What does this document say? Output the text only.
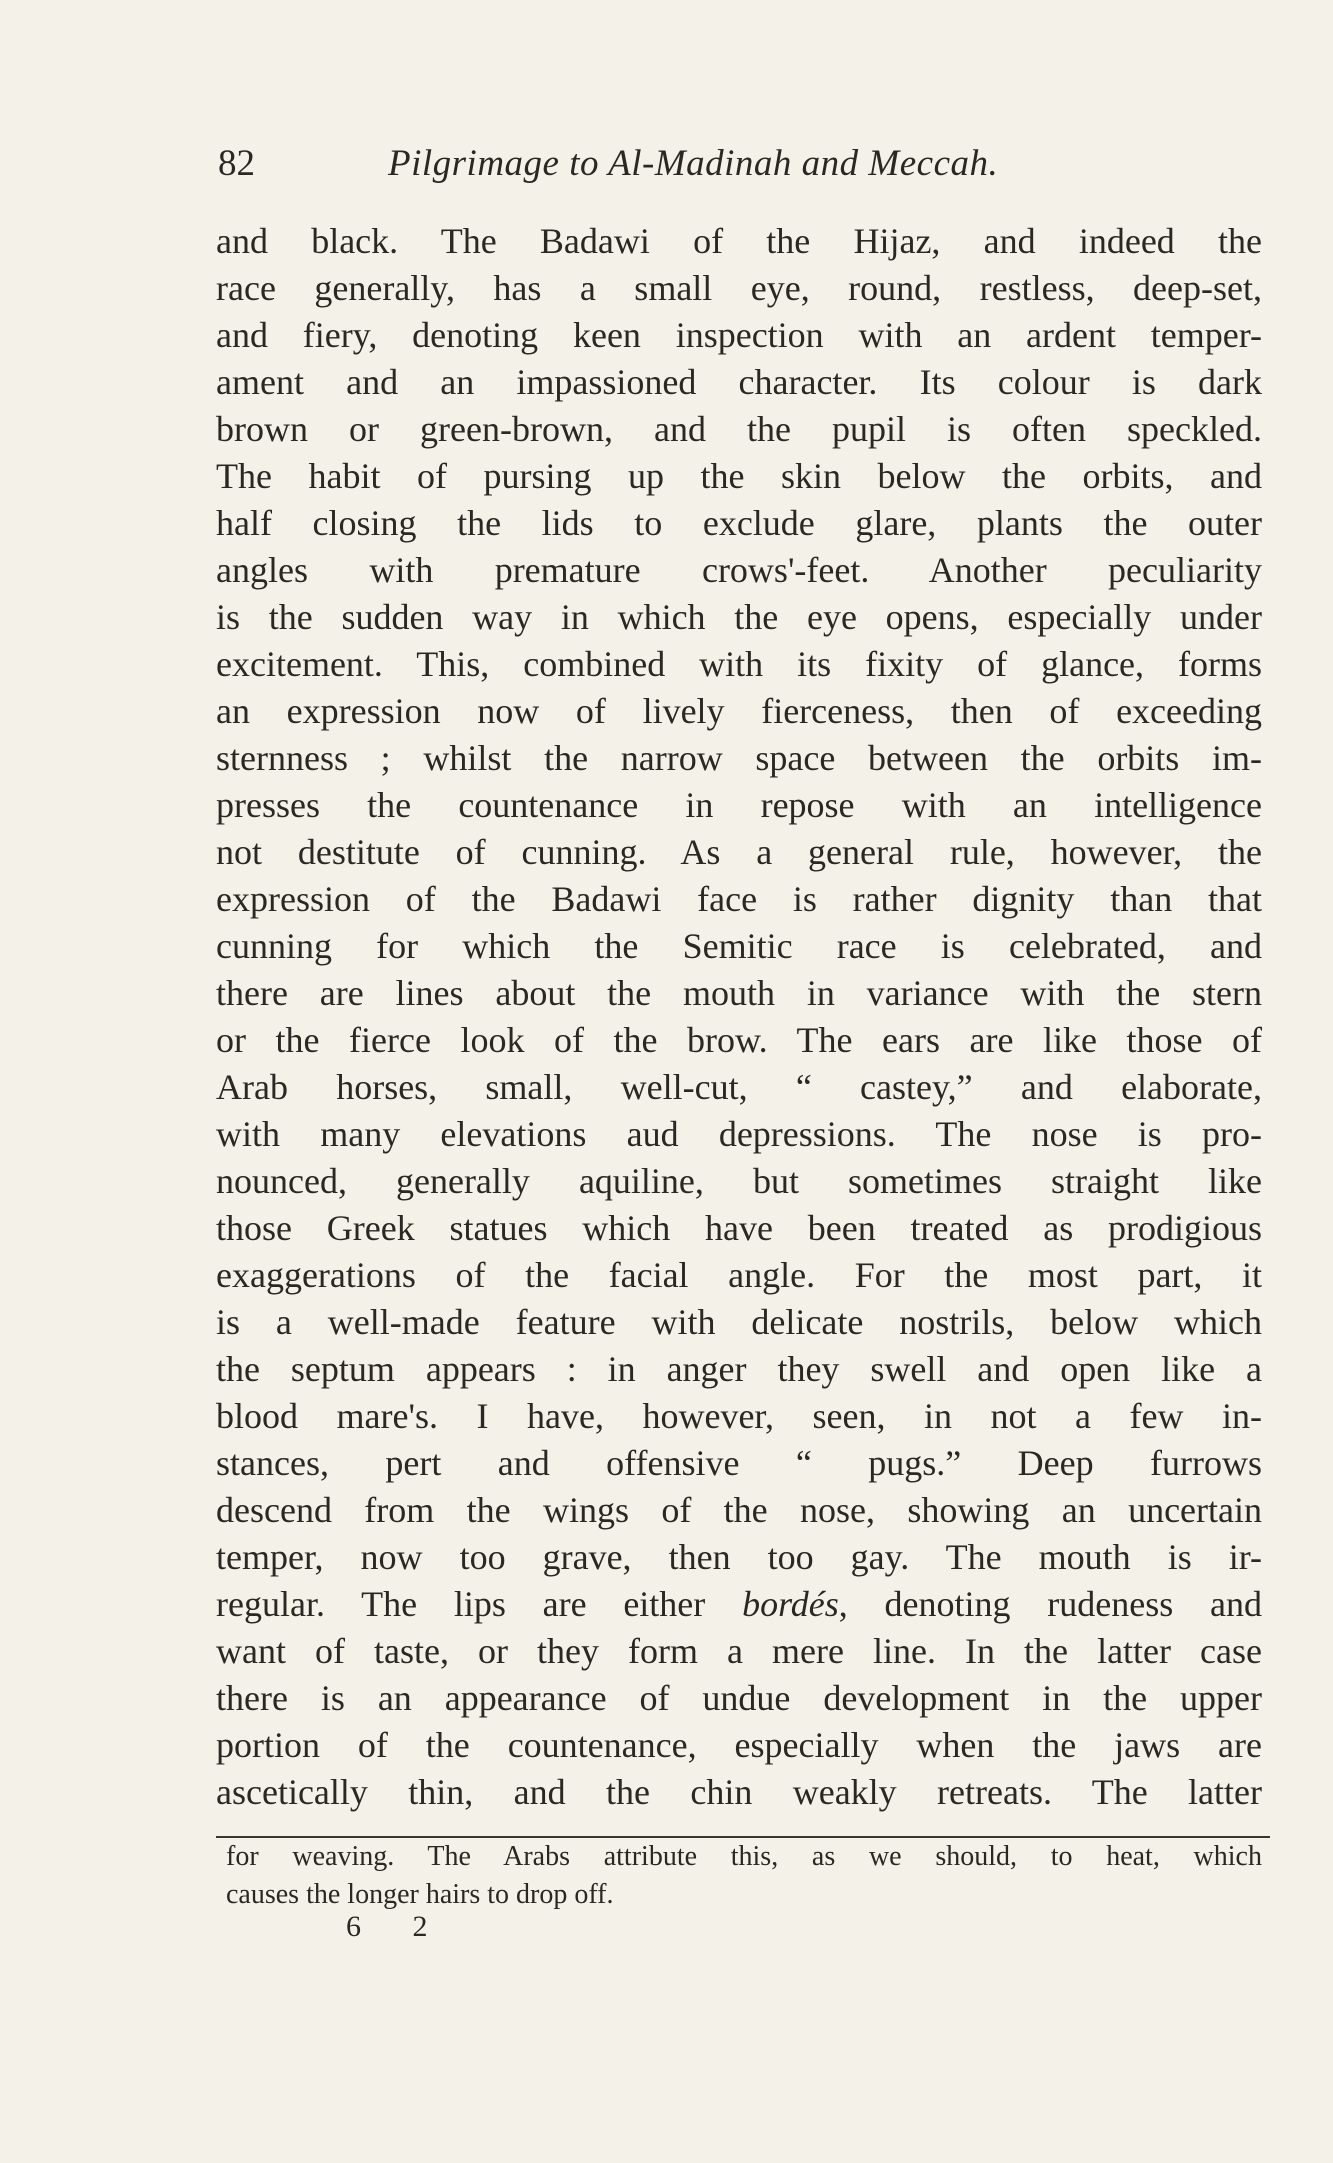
82	Pilgrimage to Al-Madinah and Meccah.
and black. The Badawi of the Hijaz, and indeed the
race generally, has a small eye, round, restless, deep-set,
and fiery, denoting keen inspection with an ardent temper-
ament and an impassioned character. Its colour is dark
brown or green-brown, and the pupil is often speckled.
The habit of pursing up the skin below the orbits, and
half closing the lids to exclude glare, plants the outer
angles with premature crows'-feet. Another peculiarity
is the sudden way in which the eye opens, especially under
excitement. This, combined with its fixity of glance, forms
an expression now of lively fierceness, then of exceeding
sternness ; whilst the narrow space between the orbits im-
presses the countenance in repose with an intelligence
not destitute of cunning. As a general rule, however, the
expression of the Badawi face is rather dignity than that
cunning for which the Semitic race is celebrated, and
there are lines about the mouth in variance with the stern
or the fierce look of the brow. The ears are like those of
Arab horses, small, well-cut, “ castey,” and elaborate,
with many elevations aud depressions. The nose is pro-
nounced, generally aquiline, but sometimes straight like
those Greek statues which have been treated as prodigious
exaggerations of the facial angle. For the most part, it
is a well-made feature with delicate nostrils, below which
the septum appears : in anger they swell and open like a
blood mare's. I have, however, seen, in not a few in-
stances, pert and offensive “ pugs.” Deep furrows
descend from the wings of the nose, showing an uncertain
temper, now too grave, then too gay. The mouth is ir-
regular. The lips are either bordés, denoting rudeness and
want of taste, or they form a mere line. In the latter case
there is an appearance of undue development in the upper
portion of the countenance, especially when the jaws are
ascetically thin, and the chin weakly retreats. The latter
for weaving. The Arabs attribute this, as we should, to heat, which
causes the longer hairs to drop off.
6 2
